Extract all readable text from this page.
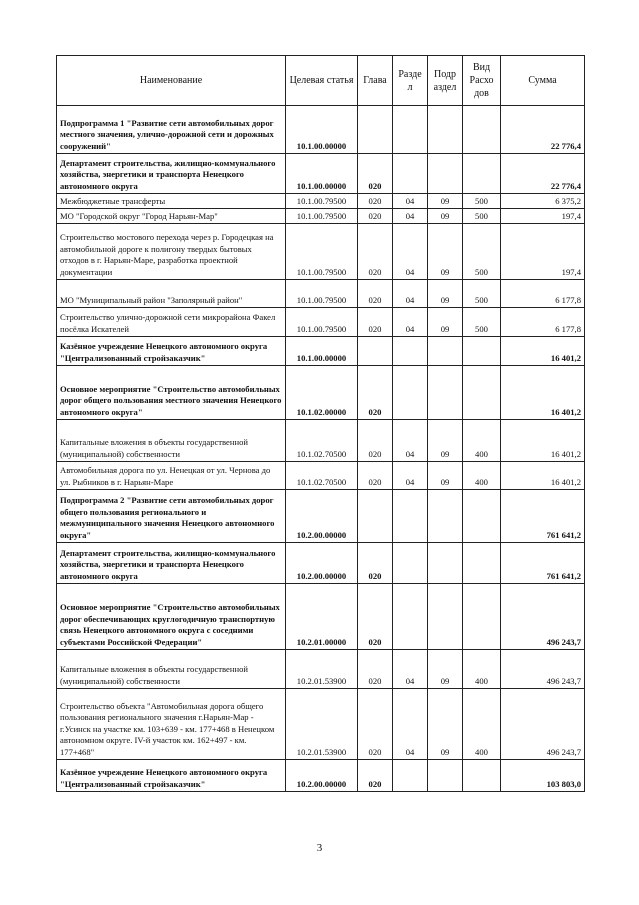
Наименование	Целевая статья	Глава	Разде л	Подр аздел	Вид Расхо дов	Сумма
Подпрограмма 1 "Развитие сети автомобильных дорог местного значения, улично-дорожной сети и дорожных сооружений"	10.1.00.00000					22 776,4
Департамент строительства, жилищно-коммунального хозяйства, энергетики и транспорта Ненецкого автономного округа	10.1.00.00000	020				22 776,4
Межбюджетные трансферты	10.1.00.79500	020	04	09	500	6 375,2
МО "Городской округ "Город Нарьян-Мар"	10.1.00.79500	020	04	09	500	197,4
Строительство мостового перехода через р. Городецкая на автомобильной дороге к полигону твердых бытовых отходов в г. Нарьян-Маре, разработка проектной документации	10.1.00.79500	020	04	09	500	197,4
МО "Муниципальный район "Заполярный район"	10.1.00.79500	020	04	09	500	6 177,8
Строительство улично-дорожной сети микрорайона Факел посёлка Искателей	10.1.00.79500	020	04	09	500	6 177,8
Казённое учреждение Ненецкого автономного округа "Централизованный стройзаказчик"	10.1.00.00000					16 401,2
Основное мероприятие "Строительство автомобильных дорог общего пользования местного значения Ненецкого автономного округа"	10.1.02.00000	020				16 401,2
Капитальные вложения в объекты государственной (муниципальной) собственности	10.1.02.70500	020	04	09	400	16 401,2
Автомобильная дорога по ул. Ненецкая от ул. Чернова до ул. Рыбников в г. Нарьян-Маре	10.1.02.70500	020	04	09	400	16 401,2
Подпрограмма 2 "Развитие сети автомобильных дорог общего пользования регионального и межмуниципального значения Ненецкого автономного округа"	10.2.00.00000					761 641,2
Департамент строительства, жилищно-коммунального хозяйства, энергетики и транспорта Ненецкого автономного округа	10.2.00.00000	020				761 641,2
Основное мероприятие "Строительство автомобильных дорог обеспечивающих круглогодичную транспортную связь Ненецкого автономного округа с соседними субъектами Российской Федерации"	10.2.01.00000	020				496 243,7
Капитальные вложения в объекты государственной (муниципальной) собственности	10.2.01.53900	020	04	09	400	496 243,7
Строительство объекта "Автомобильная дорога общего пользования регионального значения г.Нарьян-Мар - г.Усинск на участке км. 103+639 - км. 177+468 в Ненецком автономном округе. IV-й участок км. 162+497 - км. 177+468"	10.2.01.53900	020	04	09	400	496 243,7
Казённое учреждение Ненецкого автономного округа "Централизованный стройзаказчик"	10.2.00.00000	020				103 803,0
3
